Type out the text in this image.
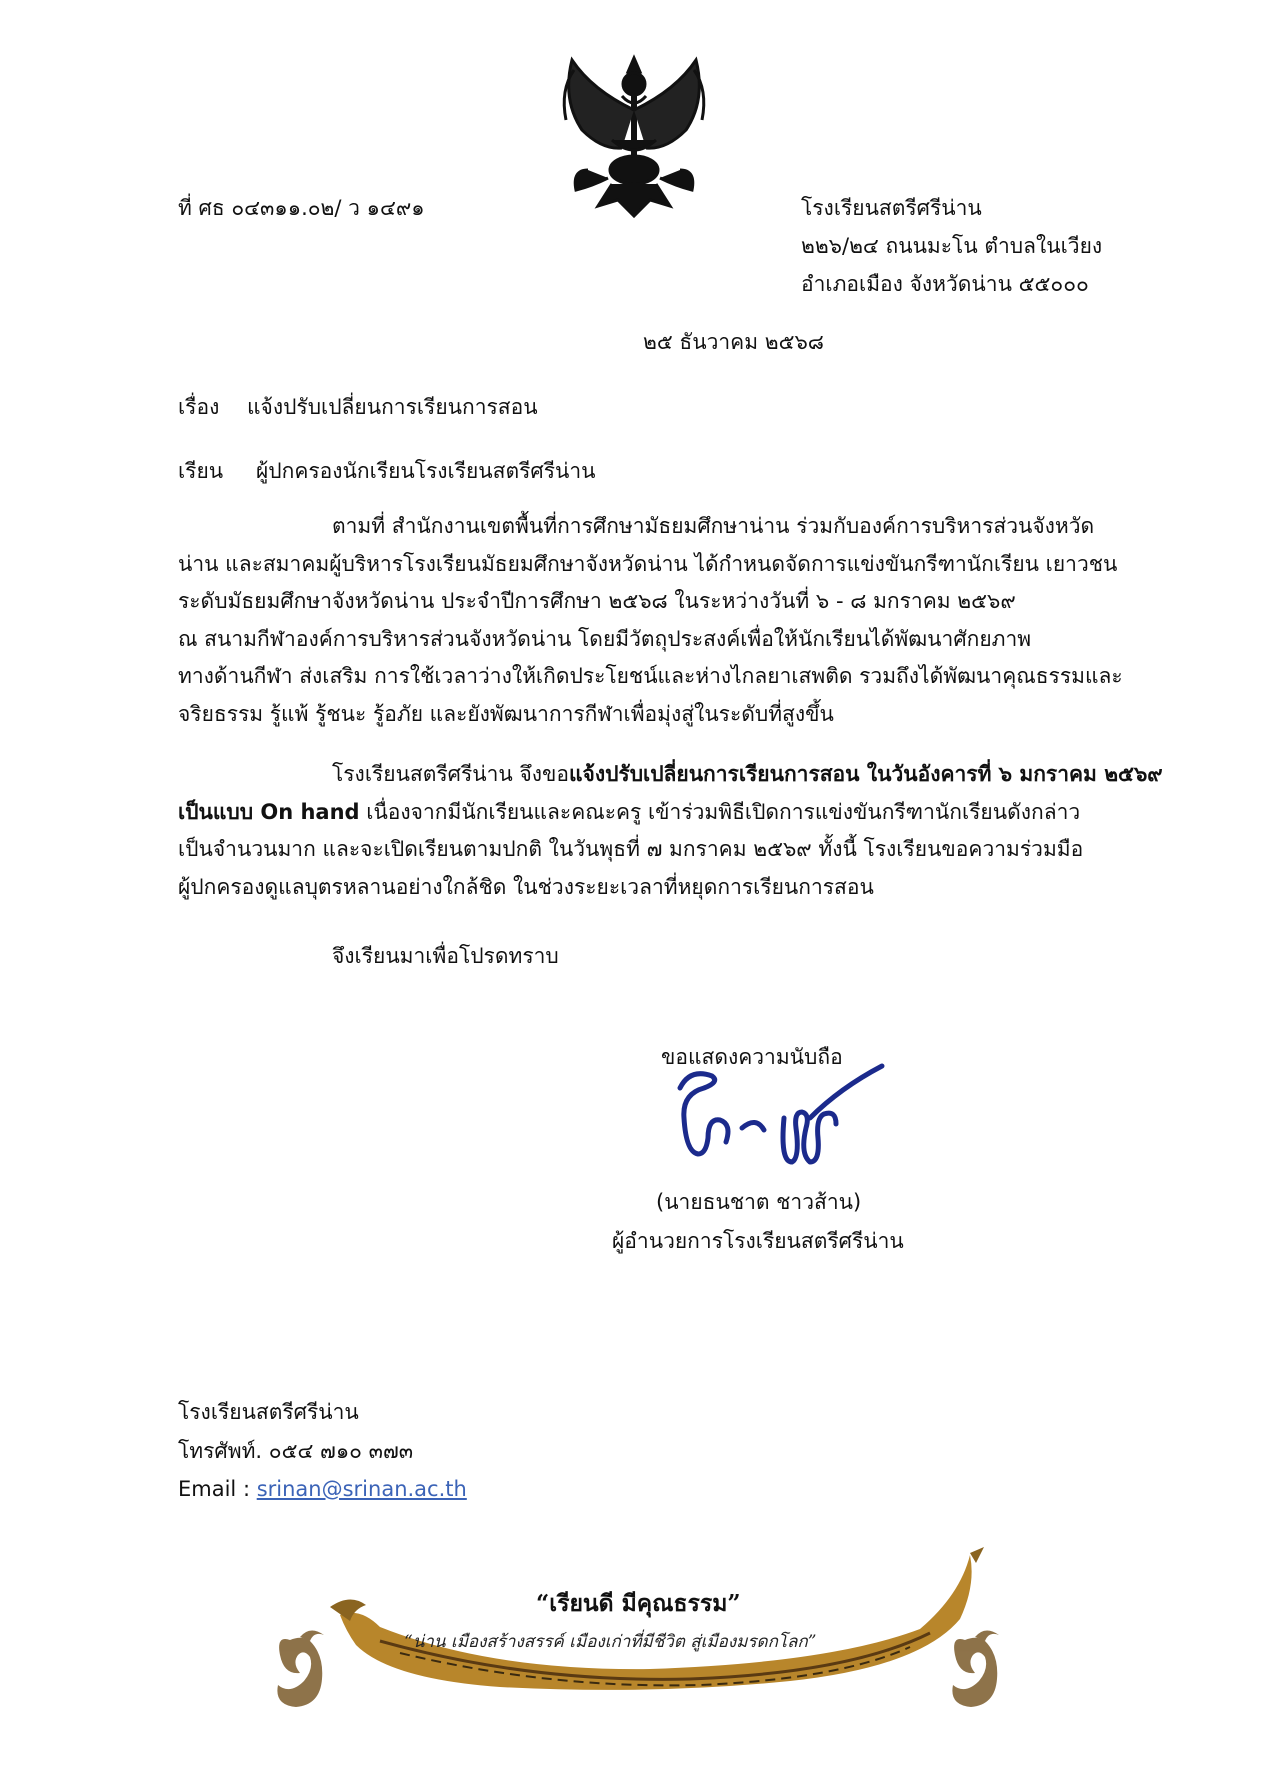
ที่ ศธ ๐๔๓๑๑.๐๒/ ว ๑๔๙๑	โรงเรียนสตรีศรีน่าน
๒๒๖/๒๔ ถนนมะโน ตำบลในเวียง
อำเภอเมือง จังหวัดน่าน ๕๕๐๐๐
๒๕ ธันวาคม ๒๕๖๘
เรื่อง แจ้งปรับเปลี่ยนการเรียนการสอน
เรียน ผู้ปกครองนักเรียนโรงเรียนสตรีศรีน่าน
ตามที่ สำนักงานเขตพื้นที่การศึกษามัธยมศึกษาน่าน ร่วมกับองค์การบริหารส่วนจังหวัด
น่าน และสมาคมผู้บริหารโรงเรียนมัธยมศึกษาจังหวัดน่าน ได้กำหนดจัดการแข่งขันกรีฑานักเรียน เยาวชน
ระดับมัธยมศึกษาจังหวัดน่าน ประจำปีการศึกษา ๒๕๖๘ ในระหว่างวันที่ ๖ - ๘ มกราคม ๒๕๖๙
ณ สนามกีฬาองค์การบริหารส่วนจังหวัดน่าน โดยมีวัตถุประสงค์เพื่อให้นักเรียนได้พัฒนาศักยภาพ
ทางด้านกีฬา ส่งเสริม การใช้เวลาว่างให้เกิดประโยชน์และห่างไกลยาเสพติด รวมถึงได้พัฒนาคุณธรรมและ
จริยธรรม รู้แพ้ รู้ชนะ รู้อภัย และยังพัฒนาการกีฬาเพื่อมุ่งสู่ในระดับที่สูงขึ้น
โรงเรียนสตรีศรีน่าน จึงขอแจ้งปรับเปลี่ยนการเรียนการสอน ในวันอังคารที่ ๖ มกราคม ๒๕๖๙
เป็นแบบ On hand เนื่องจากมีนักเรียนและคณะครู เข้าร่วมพิธีเปิดการแข่งขันกรีฑานักเรียนดังกล่าว
เป็นจำนวนมาก และจะเปิดเรียนตามปกติ ในวันพุธที่ ๗ มกราคม ๒๕๖๙ ทั้งนี้ โรงเรียนขอความร่วมมือ
ผู้ปกครองดูแลบุตรหลานอย่างใกล้ชิด ในช่วงระยะเวลาที่หยุดการเรียนการสอน
จึงเรียนมาเพื่อโปรดทราบ
ขอแสดงความนับถือ
(นายธนชาต ชาวส้าน)
ผู้อำนวยการโรงเรียนสตรีศรีน่าน
โรงเรียนสตรีศรีน่าน
โทรศัพท์. ๐๕๔ ๗๑๐ ๓๗๓
Email : srinan@srinan.ac.th
“เรียนดี มีคุณธรรม”
“น่าน เมืองสร้างสรรค์ เมืองเก่าที่มีชีวิต สู่เมืองมรดกโลก”
